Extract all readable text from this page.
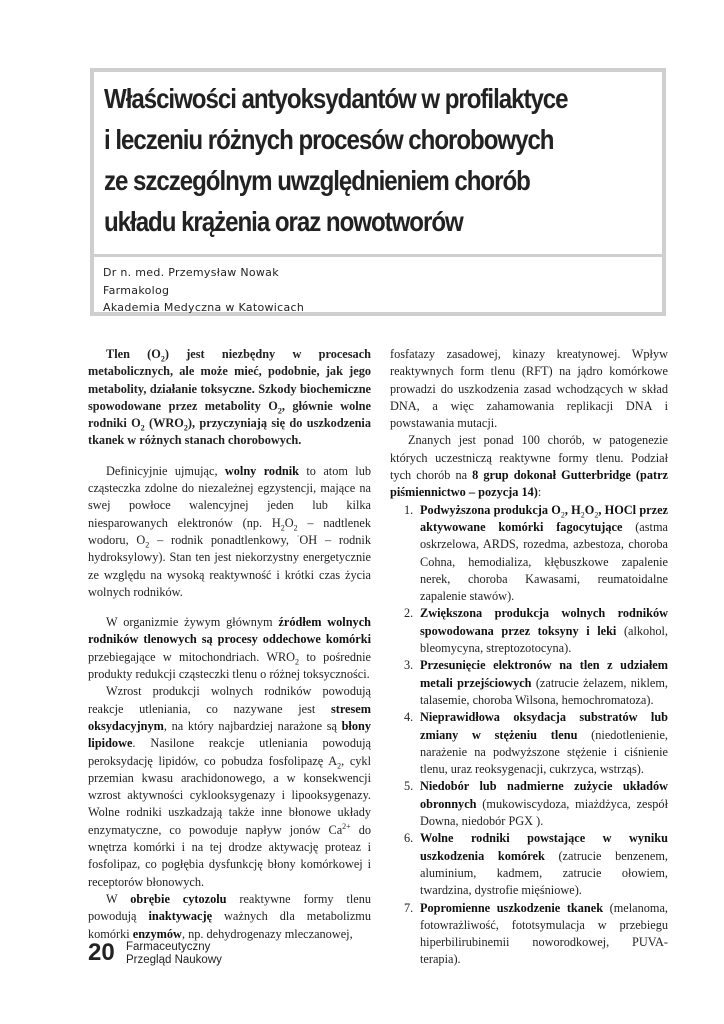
Właściwości antyoksydantów w profilaktyce
i leczeniu różnych procesów chorobowych
ze szczególnym uwzględnieniem chorób
układu krążenia oraz nowotworów
Dr n. med. Przemysław Nowak
Farmakolog
Akademia Medyczna w Katowicach

Tlen $(O_2)$ jest niezbędny w procesach metabolicznych, ale może mieć, podobnie, jak jego metabolity, działanie toksyczne. Szkody biochemiczne spowodowane przez metabolity $O_2$, głównie wolne rodniki $O_2$ $(WRO_2)$, przyczyniają się do uszkodzenia tkanek w różnych stanach chorobowych.

Definicyjnie ujmując, wolny rodnik to atom lub cząsteczka zdolne do niezależnej egzystencji, mające na swej powłoce walencyjnej jeden lub kilka niesparowanych elektronów (np. $H_2O_2$ – nadtlenek wodoru, $O_2$ – rodnik ponadtlenkowy, ·OH – rodnik hydroksylowy). Stan ten jest niekorzystny energetycznie ze względu na wysoką reaktywność i krótki czas życia wolnych rodników.

W organizmie żywym głównym źródłem wolnych rodników tlenowych są procesy oddechowe komórki przebiegające w mitochondriach. $WRO_2$ to pośrednie produkty redukcji cząsteczki tlenu o różnej toksyczności.

Wzrost produkcji wolnych rodników powodują reakcje utleniania, co nazywane jest stresem oksydacyjnym, na który najbardziej narażone są błony lipidowe. Nasilone reakcje utleniania powodują peroksydację lipidów, co pobudza fosfolipazę $A_2$, cykl przemian kwasu arachidonowego, a w konsekwencji wzrost aktywności cyklooksygenazy i lipooksygenazy. Wolne rodniki uszkadzają także inne błonowe układy enzymatyczne, co powoduje napływ jonów $Ca^{2+}$ do wnętrza komórki i na tej drodze aktywację proteaz i fosfolipaz, co pogłębia dysfunkcję błony komórkowej i receptorów błonowych.

W obrębie cytozolu reaktywne formy tlenu powodują inaktywację ważnych dla metabolizmu komórki enzymów, np. dehydrogenazy mleczanowej,

fosfatazy zasadowej, kinazy kreatynowej. Wpływ reaktywnych form tlenu (RFT) na jądro komórkowe prowadzi do uszkodzenia zasad wchodzących w skład DNA, a więc zahamowania replikacji DNA i powstawania mutacji.

Znanych jest ponad 100 chorób, w patogenezie których uczestniczą reaktywne formy tlenu. Podział tych chorób na 8 grup dokonał Gutterbridge (patrz piśmiennictwo – pozycja 14):

1. Podwyższona produkcja $O_2$, $H_2O_2$, HOCl przez aktywowane komórki fagocytujące (astma oskrzelowa, ARDS, rozedma, azbestoza, choroba Cohna, hemodializa, kłębuszkowe zapalenie nerek, choroba Kawasami, reumatoidalne zapalenie stawów).
2. Zwiększona produkcja wolnych rodników spowodowana przez toksyny i leki (alkohol, bleomycyna, streptozotocyna).
3. Przesunięcie elektronów na tlen z udziałem metali przejściowych (zatrucie żelazem, niklem, talasemie, choroba Wilsona, hemochromatoza).
4. Nieprawidłowa oksydacja substratów lub zmiany w stężeniu tlenu (niedotlenienie, narażenie na podwyższone stężenie i ciśnienie tlenu, uraz reoksygenacji, cukrzyca, wstrząs).
5. Niedobór lub nadmierne zużycie układów obronnych (mukowiscydoza, miażdżyca, zespół Downa, niedobór PGX ).
6. Wolne rodniki powstające w wyniku uszkodzenia komórek (zatrucie benzenem, aluminium, kadmem, zatrucie ołowiem, twardzina, dystrofie mięśniowe).
7. Popromienne uszkodzenie tkanek (melanoma, fotowrażliwość, fototsymulacja w przebiegu hiperbilirubinemii noworodkowej, PUVA-terapia).
20 Farmaceutyczny
Przegląd Naukowy
